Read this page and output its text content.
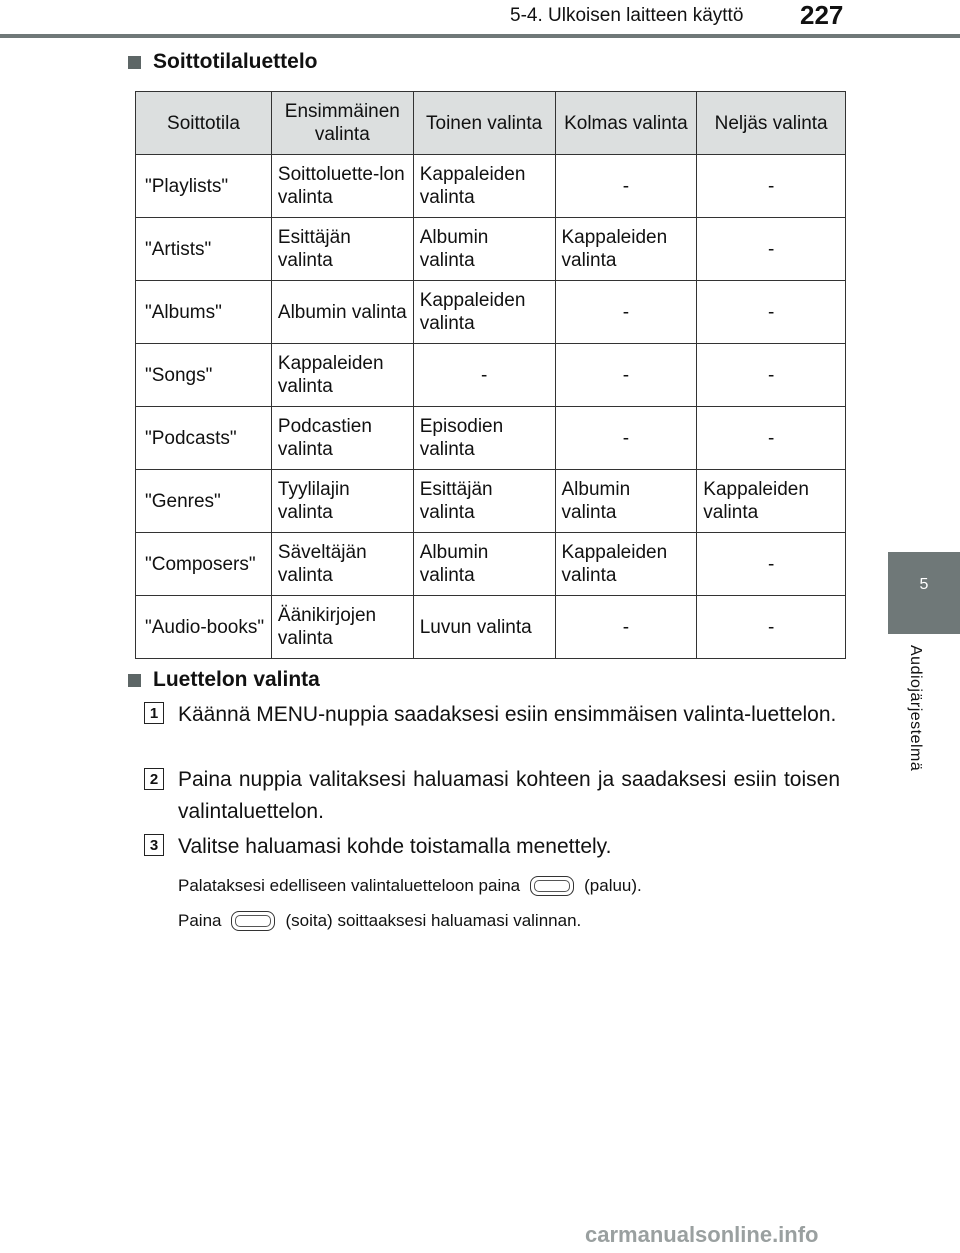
5-4. Ulkoisen laitteen käyttö 227
5
Audiojärjestelmä
Soittotilaluettelo
Soittotila	Ensimmäinen valinta	Toinen valinta	Kolmas valinta	Neljäs valinta
"Playlists"	Soittoluette-lon valinta	Kappaleiden valinta	-	-
"Artists"	Esittäjän valinta	Albumin valinta	Kappaleiden valinta	-
"Albums"	Albumin valinta	Kappaleiden valinta	-	-
"Songs"	Kappaleiden valinta	-	-	-
"Podcasts"	Podcastien valinta	Episodien valinta	-	-
"Genres"	Tyylilajin valinta	Esittäjän valinta	Albumin valinta	Kappaleiden valinta
"Composers"	Säveltäjän valinta	Albumin valinta	Kappaleiden valinta	-
"Audio-books"	Äänikirjojen valinta	Luvun valinta	-	-
Luettelon valinta
1 Käännä MENU-nuppia saadaksesi esiin ensimmäisen valinta-luettelon.
2 Paina nuppia valitaksesi haluamasi kohteen ja saadaksesi esiin toisen valintaluettelon.
3 Valitse haluamasi kohde toistamalla menettely.
Palataksesi edelliseen valintaluetteloon paina	(paluu).
Paina	(soita) soittaaksesi haluamasi valinnan.
carmanualsonline.info
